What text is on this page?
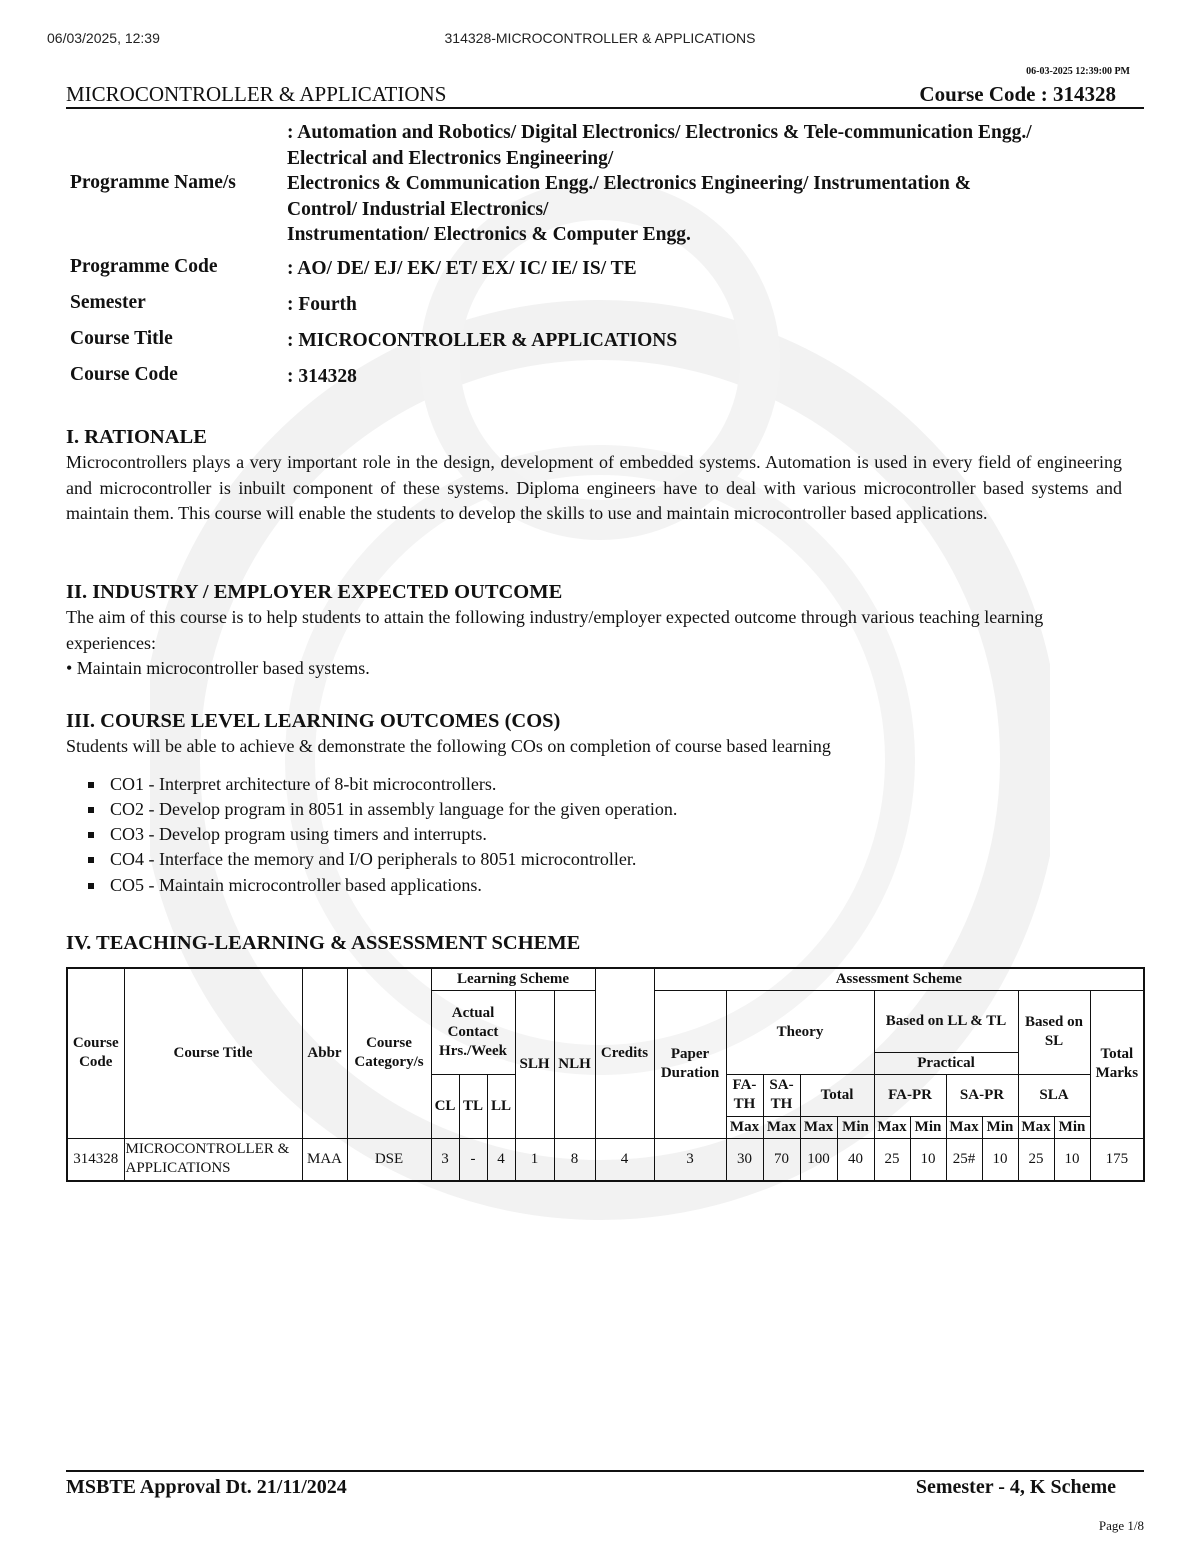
06/03/2025, 12:39	314328-MICROCONTROLLER & APPLICATIONS
06-03-2025 12:39:00 PM
MICROCONTROLLER & APPLICATIONS	Course Code : 314328
Programme Name/s
: Automation and Robotics/ Digital Electronics/ Electronics & Tele-communication Engg./
Electrical and Electronics Engineering/
Electronics & Communication Engg./ Electronics Engineering/ Instrumentation &
Control/ Industrial Electronics/
Instrumentation/ Electronics & Computer Engg.
Programme Code	: AO/ DE/ EJ/ EK/ ET/ EX/ IC/ IE/ IS/ TE
Semester	: Fourth
Course Title	: MICROCONTROLLER & APPLICATIONS
Course Code	: 314328
I. RATIONALE
Microcontrollers plays a very important role in the design, development of embedded systems. Automation is used in every field of engineering and microcontroller is inbuilt component of these systems. Diploma engineers have to deal with various microcontroller based systems and maintain them. This course will enable the students to develop the skills to use and maintain microcontroller based applications.
II. INDUSTRY / EMPLOYER EXPECTED OUTCOME
The aim of this course is to help students to attain the following industry/employer expected outcome through various teaching learning experiences:
• Maintain microcontroller based systems.
III. COURSE LEVEL LEARNING OUTCOMES (COS)
Students will be able to achieve & demonstrate the following COs on completion of course based learning
CO1 - Interpret architecture of 8-bit microcontrollers.
CO2 - Develop program in 8051 in assembly language for the given operation.
CO3 - Develop program using timers and interrupts.
CO4 - Interface the memory and I/O peripherals to 8051 microcontroller.
CO5 - Maintain microcontroller based applications.
IV. TEACHING-LEARNING & ASSESSMENT SCHEME
Course Code	Course Title	Abbr	Course Category/s	Learning Scheme					Credits	Assessment Scheme											
				Actual Contact Hrs./Week			SLH	NLH		Paper Duration	Theory				Based on LL & TL				Based on SL		Total Marks
															Practical						
				CL	TL	LL					FA-TH	SA-TH	Total		FA-PR		SA-PR		SLA		
											Max	Max	Max	Min	Max	Min	Max	Min	Max	Min	
314328	MICROCONTROLLER & APPLICATIONS	MAA	DSE	3	-	4	1	8	4	3	30	70	100	40	25	10	25#	10	25	10	175
MSBTE Approval Dt. 21/11/2024	Semester - 4, K Scheme
Page 1/8
